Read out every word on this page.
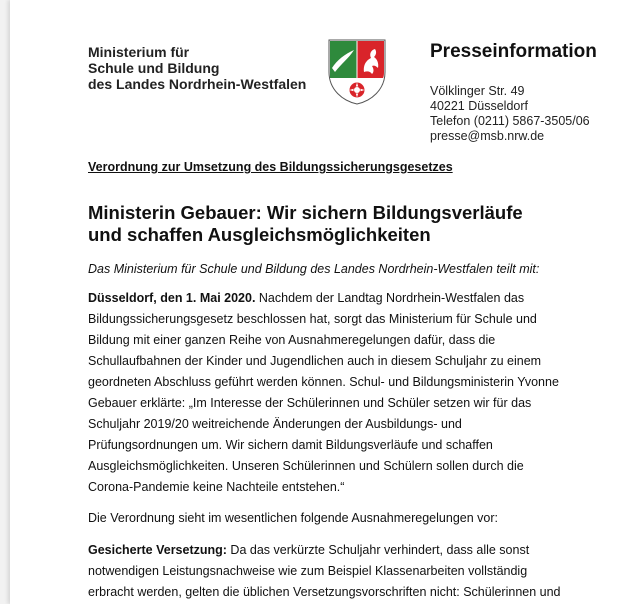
Ministerium für
Schule und Bildung
des Landes Nordrhein-Westfalen
Presseinformation
Völklinger Str. 49
40221 Düsseldorf
Telefon (0211) 5867-3505/06
presse@msb.nrw.de
Verordnung zur Umsetzung des Bildungssicherungsgesetzes
Ministerin Gebauer: Wir sichern Bildungsverläufe
und schaffen Ausgleichsmöglichkeiten
Das Ministerium für Schule und Bildung des Landes Nordrhein-Westfalen teilt mit:
Düsseldorf, den 1. Mai 2020. Nachdem der Landtag Nordrhein-Westfalen das
Bildungssicherungsgesetz beschlossen hat, sorgt das Ministerium für Schule und
Bildung mit einer ganzen Reihe von Ausnahmeregelungen dafür, dass die
Schullaufbahnen der Kinder und Jugendlichen auch in diesem Schuljahr zu einem
geordneten Abschluss geführt werden können. Schul- und Bildungsministerin Yvonne
Gebauer erklärte: „Im Interesse der Schülerinnen und Schüler setzen wir für das
Schuljahr 2019/20 weitreichende Änderungen der Ausbildungs- und
Prüfungsordnungen um. Wir sichern damit Bildungsverläufe und schaffen
Ausgleichsmöglichkeiten. Unseren Schülerinnen und Schülern sollen durch die
Corona-Pandemie keine Nachteile entstehen.“
Die Verordnung sieht im wesentlichen folgende Ausnahmeregelungen vor:
Gesicherte Versetzung: Da das verkürzte Schuljahr verhindert, dass alle sonst
notwendigen Leistungsnachweise wie zum Beispiel Klassenarbeiten vollständig
erbracht werden, gelten die üblichen Versetzungsvorschriften nicht: Schülerinnen und
